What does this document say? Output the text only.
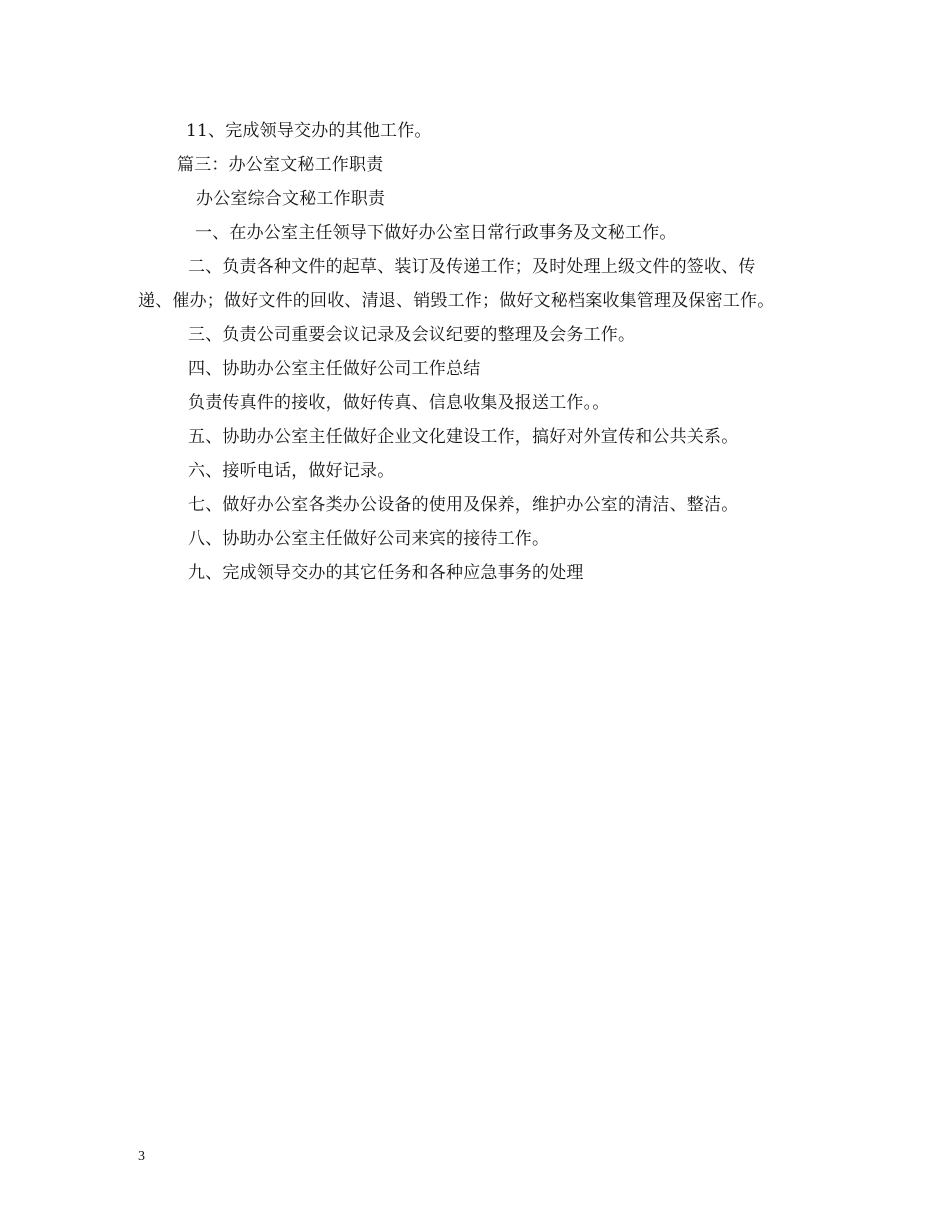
11、完成领导交办的其他工作。
篇三：办公室文秘工作职责
办公室综合文秘工作职责
一、在办公室主任领导下做好办公室日常行政事务及文秘工作。
二、负责各种文件的起草、装订及传递工作；及时处理上级文件的签收、传
递、催办；做好文件的回收、清退、销毁工作；做好文秘档案收集管理及保密工作。
三、负责公司重要会议记录及会议纪要的整理及会务工作。
四、协助办公室主任做好公司工作总结
负责传真件的接收，做好传真、信息收集及报送工作。。
五、协助办公室主任做好企业文化建设工作，搞好对外宣传和公共关系。
六、接听电话，做好记录。
七、做好办公室各类办公设备的使用及保养，维护办公室的清洁、整洁。
八、协助办公室主任做好公司来宾的接待工作。
九、完成领导交办的其它任务和各种应急事务的处理
3
